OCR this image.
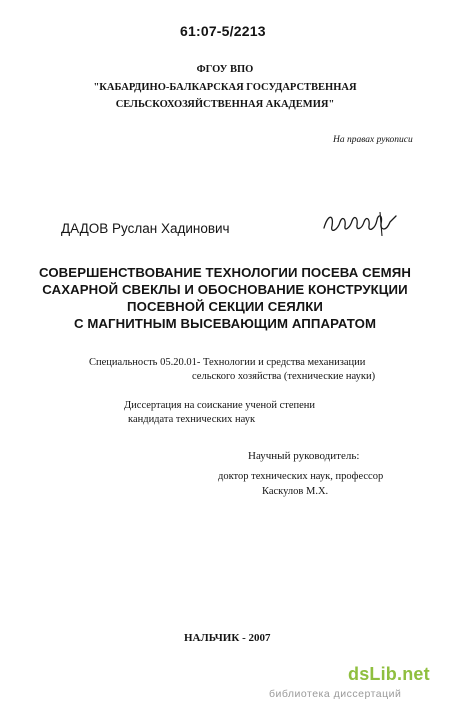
61:07-5/2213
ФГОУ ВПО
"КАБАРДИНО-БАЛКАРСКАЯ ГОСУДАРСТВЕННАЯ
СЕЛЬСКОХОЗЯЙСТВЕННАЯ АКАДЕМИЯ"
На правах рукописи
ДАДОВ Руслан Хадинович
СОВЕРШЕНСТВОВАНИЕ ТЕХНОЛОГИИ ПОСЕВА СЕМЯН
САХАРНОЙ СВЕКЛЫ И ОБОСНОВАНИЕ КОНСТРУКЦИИ
ПОСЕВНОЙ СЕКЦИИ СЕЯЛКИ
С МАГНИТНЫМ ВЫСЕВАЮЩИМ АППАРАТОМ
Специальность 05.20.01- Технологии и средства механизации
сельского хозяйства (технические науки)
Диссертация на соискание ученой степени
кандидата технических наук
Научный руководитель:
доктор технических наук, профессор
Каскулов М.Х.
НАЛЬЧИК - 2007
dsLib.net
библиотека диссертаций
